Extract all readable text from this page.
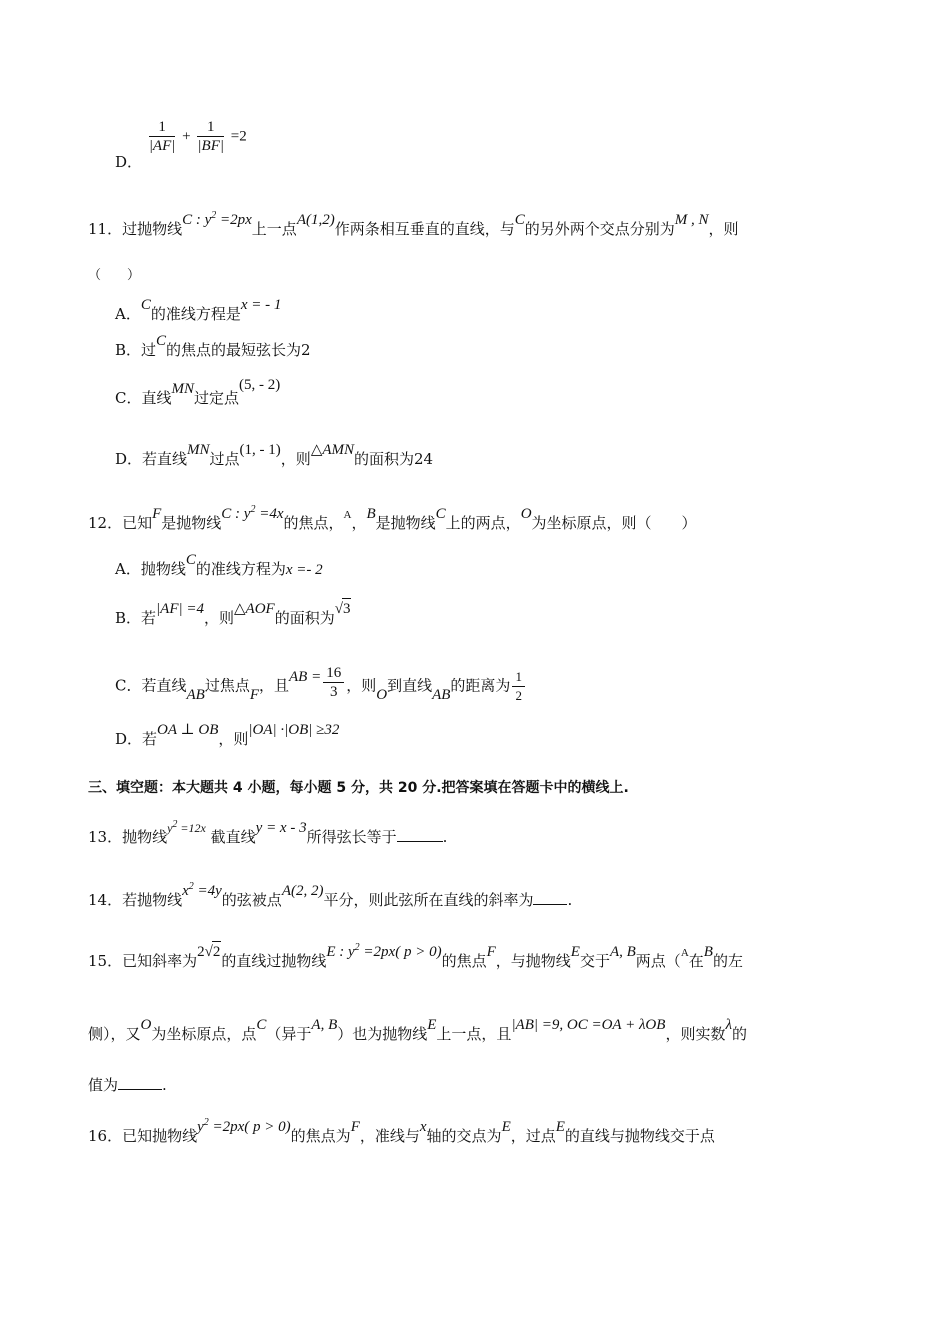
D．
$\frac{1}{|AF|} + \frac{1}{|BF|} =2$
11．过抛物线C : $y^2 =2px$上一点A(1,2)作两条相互垂直的直线，与C的另外两个交点分别为M , N，则
（　　）
A．C的准线方程是x = - 1
B．过C的焦点的最短弦长为2
C．直线MN过定点(5, - 2)
D．若直线MN过点(1, - 1)，则△AMN的面积为24
12．已知F是抛物线C : $y^2 =4x$的焦点，$^A$，B是抛物线C上的两点，O为坐标原点，则（　　）
A．抛物线C的准线方程为x =- 2
B．若|AF| =4，则△AOF的面积为√3
C．若直线AB过焦点F，且AB = $\frac{16}{3}$ ，则O到直线AB的距离为 $\frac{1}{2}$
D．若OA ⊥ OB，则|OA| ·|OB| ≥32
三、填空题：本大题共 4 小题，每小题 5 分，共 20 分.把答案填在答题卡中的横线上.
13．抛物线$^{y^2 =12x}$ 截直线y = x - 3所得弦长等于	.
14．若抛物线$x^2 =4y$的弦被点A(2, 2)平分，则此弦所在直线的斜率为 .
15．已知斜率为2√2的直线过抛物线E : $y^2 =2px$( p > 0)的焦点F，与抛物线E交于A, B两点（$^A$在B的左
侧），又O为坐标原点，点C（异于A, B）也为抛物线E上一点，且|AB| =9, OC =OA + λOB，则实数λ的
值为	.
16．已知抛物线$y^2 =2px$( p > 0)的焦点为F，准线与x轴的交点为E，过点E的直线与抛物线交于点
